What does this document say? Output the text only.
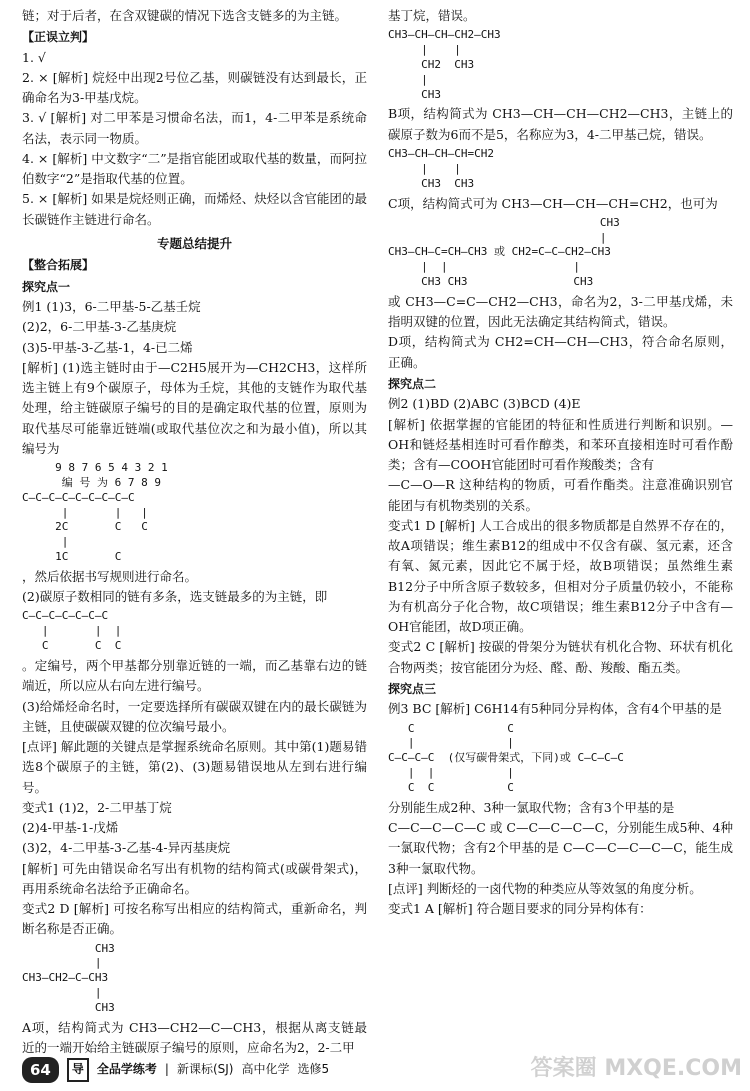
链；对于后者，在含双键碳的情况下选含支链多的为主链。

【正误立判】

1. √

2. × [解析] 烷烃中出现2号位乙基，则碳链没有达到最长，正确命名为3-甲基戊烷。

3. √ [解析] 对二甲苯是习惯命名法，而1，4-二甲苯是系统命名法，表示同一物质。

4. × [解析] 中文数字“二”是指官能团或取代基的数量，而阿拉伯数字“2”是指取代基的位置。

5. × [解析] 如果是烷烃则正确，而烯烃、炔烃以含官能团的最长碳链作主链进行命名。

专题总结提升
【整合拓展】
探究点一

例1 (1)3，6-二甲基-5-乙基壬烷

(2)2，6-二甲基-3-乙基庚烷

(3)5-甲基-3-乙基-1，4-已二烯

[解析] (1)选主链时由于—C2H5展开为—CH2CH3，这样所选主链上有9个碳原子，母体为壬烷，其他的支链作为取代基处理，给主链碳原子编号的目的是确定取代基的位置，原则为取代基尽可能靠近链端(或取代基位次之和为最小值)，所以其编号为

9 8 7 6 5 4 3 2 1
编 号 为 6 7 8 9
C—C—C—C—C—C—C—C—C
|       |   |
2C       C   C
|
1C       C

，然后依据书写规则进行命名。

(2)碳原子数相同的链有多条，选支链最多的为主链，即

C—C—C—C—C—C—C
|       |  |
C       C  C

。定编号，两个甲基都分别靠近链的一端，而乙基靠右边的链端近，所以应从右向左进行编号。

(3)给烯烃命名时，一定要选择所有碳碳双键在内的最长碳链为主链，且使碳碳双键的位次编号最小。

[点评] 解此题的关键点是掌握系统命名原则。其中第(1)题易错选8个碳原子的主链，第(2)、(3)题易错误地从左到右进行编号。

变式1 (1)2，2-二甲基丁烷

(2)4-甲基-1-戊烯

(3)2，4-二甲基-3-乙基-4-异丙基庚烷

[解析] 可先由错误命名写出有机物的结构简式(或碳骨架式)，再用系统命名法给予正确命名。

变式2 D [解析] 可按名称写出相应的结构简式，重新命名，判断名称是否正确。

CH3
|
CH3—CH2—C—CH3
|
CH3

A项，结构简式为 CH3—CH2—C—CH3，根据从离支链最近的一端开始给主链碳原子编号的原则，应命名为2，2-二甲

基丁烷，错误。

CH3—CH—CH—CH2—CH3
|    |
CH2  CH3
|
CH3

B项，结构简式为 CH3—CH—CH—CH2—CH3，主链上的碳原子数为6而不是5，名称应为3，4-二甲基己烷，错误。

CH3—CH—CH—CH=CH2
|    |
CH3  CH3

C项，结构简式可为 CH3—CH—CH—CH=CH2，也可为

CH3
|
CH3—CH—C=CH—CH3 或 CH2=C—C—CH2—CH3
|  |                   |
CH3 CH3                CH3

或 CH3—C=C—CH2—CH3，命名为2，3-二甲基戊烯，未指明双键的位置，因此无法确定其结构简式，错误。

D项，结构简式为 CH2=CH—CH—CH3，符合命名原则，正确。

探究点二

例2 (1)BD (2)ABC (3)BCD (4)E

[解析] 依据掌握的官能团的特征和性质进行判断和识别。—OH和链烃基相连时可看作醇类，和苯环直接相连时可看作酚类；含有—COOH官能团时可看作羧酸类；含有

—C—O—R 这种结构的物质，可看作酯类。注意准确识别官能团与有机物类别的关系。

变式1 D [解析] 人工合成出的很多物质都是自然界不存在的，故A项错误；维生素B12的组成中不仅含有碳、氢元素，还含有氧、氮元素，因此它不属于烃，故B项错误；虽然维生素B12分子中所含原子数较多，但相对分子质量仍较小，不能称为有机高分子化合物，故C项错误；维生素B12分子中含有—OH官能团，故D项正确。

变式2 C [解析] 按碳的骨架分为链状有机化合物、环状有机化合物两类；按官能团分为烃、醛、酚、羧酸、酯五类。

探究点三

例3 BC [解析] C6H14有5种同分异构体，含有4个甲基的是

C              C
|              |
C—C—C—C  (仅写碳骨架式，下同)或 C—C—C—C
|  |           |
C  C           C

分别能生成2种、3种一氯取代物；含有3个甲基的是

C—C—C—C—C 或 C—C—C—C—C，分别能生成5种、4种一氯取代物；含有2个甲基的是 C—C—C—C—C—C，能生成3种一氯取代物。

[点评] 判断烃的一卤代物的种类应从等效氢的角度分析。

变式1 A [解析] 符合题目要求的同分异构体有：

64	导	全品学练考 | 新课标(SJ) 高中化学 选修5	答案圈 MXQE.COM
